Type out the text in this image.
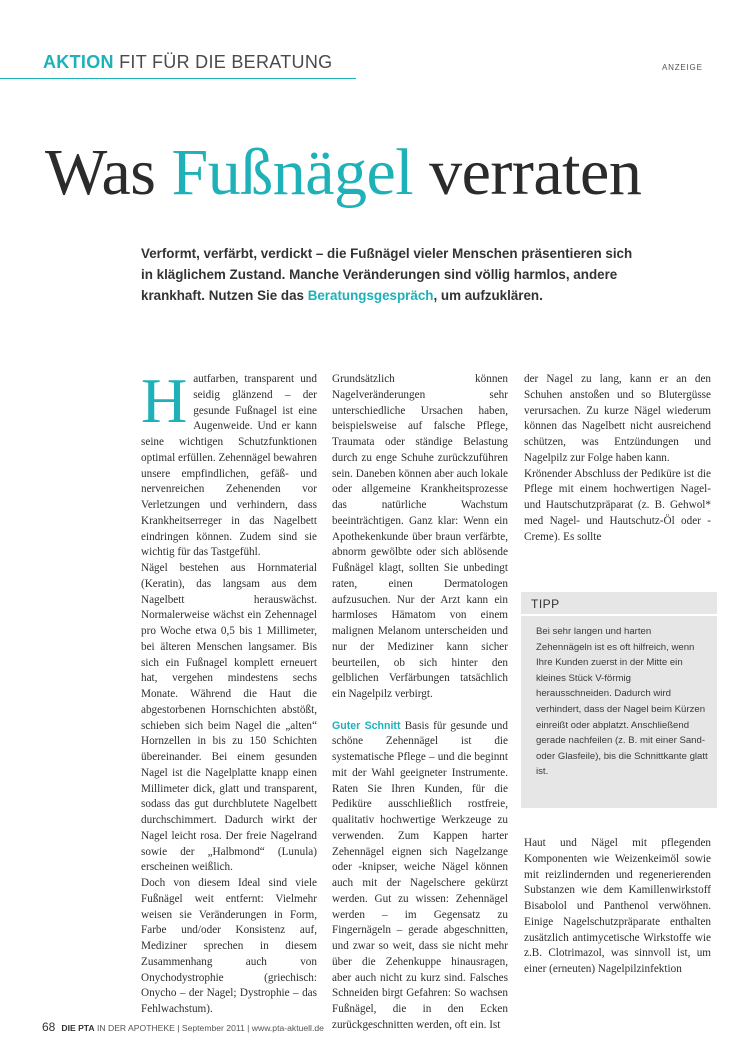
AKTION FIT FÜR DIE BERATUNG	ANZEIGE
Was Fußnägel verraten
Verformt, verfärbt, verdickt – die Fußnägel vieler Menschen präsentieren sich in kläglichem Zustand. Manche Veränderungen sind völlig harmlos, andere krankhaft. Nutzen Sie das Beratungsgespräch, um aufzuklären.
H autfarben, transparent und seidig glänzend – der gesunde Fußnagel ist eine Augenweide. Und er kann seine wichtigen Schutzfunktionen optimal erfüllen. Zehennägel bewahren unsere empfindlichen, gefäß- und nervenreichen Zehenenden vor Verletzungen und verhindern, dass Krankheitserreger in das Nagelbett eindringen können. Zudem sind sie wichtig für das Tastgefühl.

Nägel bestehen aus Hornmaterial (Keratin), das langsam aus dem Nagelbett herauswächst. Normalerweise wächst ein Zehennagel pro Woche etwa 0,5 bis 1 Millimeter, bei älteren Menschen langsamer. Bis sich ein Fußnagel komplett erneuert hat, vergehen mindestens sechs Monate. Während die Haut die abgestorbenen Hornschichten abstößt, schieben sich beim Nagel die „alten“ Hornzellen in bis zu 150 Schichten übereinander. Bei einem gesunden Nagel ist die Nagelplatte knapp einen Millimeter dick, glatt und transparent, sodass das gut durchblutete Nagelbett durchschimmert. Dadurch wirkt der Nagel leicht rosa. Der freie Nagelrand sowie der „Halbmond“ (Lunula) erscheinen weißlich.

Doch von diesem Ideal sind viele Fußnägel weit entfernt: Vielmehr weisen sie Veränderungen in Form, Farbe und/oder Konsistenz auf, Mediziner sprechen in diesem Zusammenhang auch von Onychodystrophie (griechisch: Onycho – der Nagel; Dystrophie – das Fehlwachstum).

Grundsätzlich können Nagelveränderungen sehr unterschiedliche Ursachen haben, beispielsweise auf falsche Pflege, Traumata oder ständige Belastung durch zu enge Schuhe zurückzuführen sein. Daneben können aber auch lokale oder allgemeine Krankheitsprozesse das natürliche Wachstum beeinträchtigen. Ganz klar: Wenn ein Apothekenkunde über braun verfärbte, abnorm gewölbte oder sich ablösende Fußnägel klagt, sollten Sie unbedingt raten, einen Dermatologen aufzusuchen. Nur der Arzt kann ein harmloses Hämatom von einem malignen Melanom unterscheiden und nur der Mediziner kann sicher beurteilen, ob sich hinter den gelblichen Verfärbungen tatsächlich ein Nagelpilz verbirgt.

Guter Schnitt Basis für gesunde und schöne Zehennägel ist die systematische Pflege – und die beginnt mit der Wahl geeigneter Instrumente. Raten Sie Ihren Kunden, für die Pediküre ausschließlich rostfreie, qualitativ hochwertige Werkzeuge zu verwenden. Zum Kappen harter Zehennägel eignen sich Nagelzange oder -knipser, weiche Nägel können auch mit der Nagelschere gekürzt werden. Gut zu wissen: Zehennägel werden – im Gegensatz zu Fingernägeln – gerade abgeschnitten, und zwar so weit, dass sie nicht mehr über die Zehenkuppe hinausragen, aber auch nicht zu kurz sind. Falsches Schneiden birgt Gefahren: So wachsen Fußnägel, die in den Ecken zurückgeschnitten werden, oft ein. Ist

der Nagel zu lang, kann er an den Schuhen anstoßen und so Blutergüsse verursachen. Zu kurze Nägel wiederum können das Nagelbett nicht ausreichend schützen, was Entzündungen und Nagelpilz zur Folge haben kann.

Krönender Abschluss der Pediküre ist die Pflege mit einem hochwertigen Nagel- und Hautschutzpräparat (z. B. Gehwol* med Nagel- und Hautschutz-Öl oder -Creme). Es sollte

TIPP
Bei sehr langen und harten Zehennägeln ist es oft hilfreich, wenn Ihre Kunden zuerst in der Mitte ein kleines Stück V-förmig herausschneiden. Dadurch wird verhindert, dass der Nagel beim Kürzen einreißt oder abplatzt. Anschließend gerade nachfeilen (z. B. mit einer Sand- oder Glasfeile), bis die Schnittkante glatt ist.

Haut und Nägel mit pflegenden Komponenten wie Weizenkeimöl sowie mit reizlindernden und regenerierenden Substanzen wie dem Kamillenwirkstoff Bisabolol und Panthenol verwöhnen. Einige Nagelschutzpräparate enthalten zusätzlich antimycetische Wirkstoffe wie z.B. Clotrimazol, was sinnvoll ist, um einer (erneuten) Nagelpilzinfektion

68 DIE PTA IN DER APOTHEKE | September 2011 | www.pta-aktuell.de
